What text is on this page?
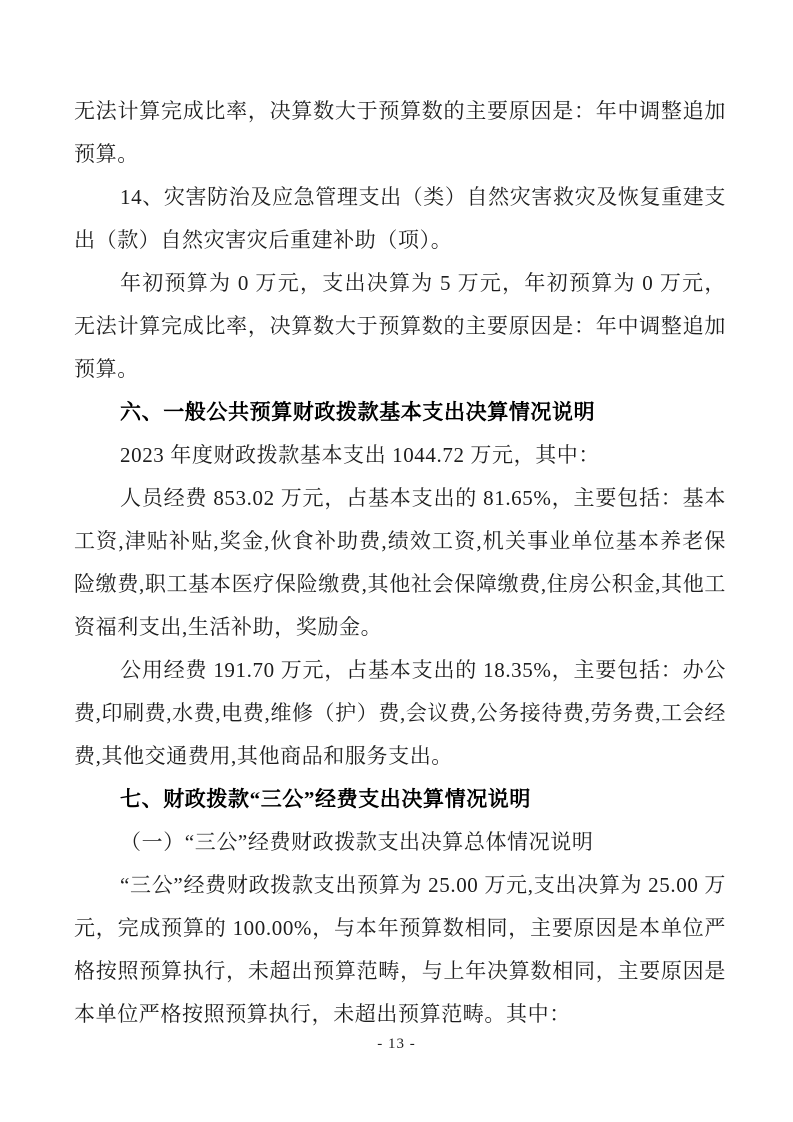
无法计算完成比率，决算数大于预算数的主要原因是：年中调整追加预算。

14、灾害防治及应急管理支出（类）自然灾害救灾及恢复重建支出（款）自然灾害灾后重建补助（项）。

年初预算为 0 万元，支出决算为 5 万元，年初预算为 0 万元，无法计算完成比率，决算数大于预算数的主要原因是：年中调整追加预算。

六、一般公共预算财政拨款基本支出决算情况说明

2023 年度财政拨款基本支出 1044.72 万元，其中：

人员经费 853.02 万元，占基本支出的 81.65%，主要包括：基本工资,津贴补贴,奖金,伙食补助费,绩效工资,机关事业单位基本养老保险缴费,职工基本医疗保险缴费,其他社会保障缴费,住房公积金,其他工资福利支出,生活补助，奖励金。

公用经费 191.70 万元，占基本支出的 18.35%，主要包括：办公费,印刷费,水费,电费,维修（护）费,会议费,公务接待费,劳务费,工会经费,其他交通费用,其他商品和服务支出。

七、财政拨款“三公”经费支出决算情况说明

（一）“三公”经费财政拨款支出决算总体情况说明

“三公”经费财政拨款支出预算为 25.00 万元,支出决算为 25.00 万元，完成预算的 100.00%，与本年预算数相同，主要原因是本单位严格按照预算执行，未超出预算范畴，与上年决算数相同，主要原因是本单位严格按照预算执行，未超出预算范畴。其中：

- 13 -
